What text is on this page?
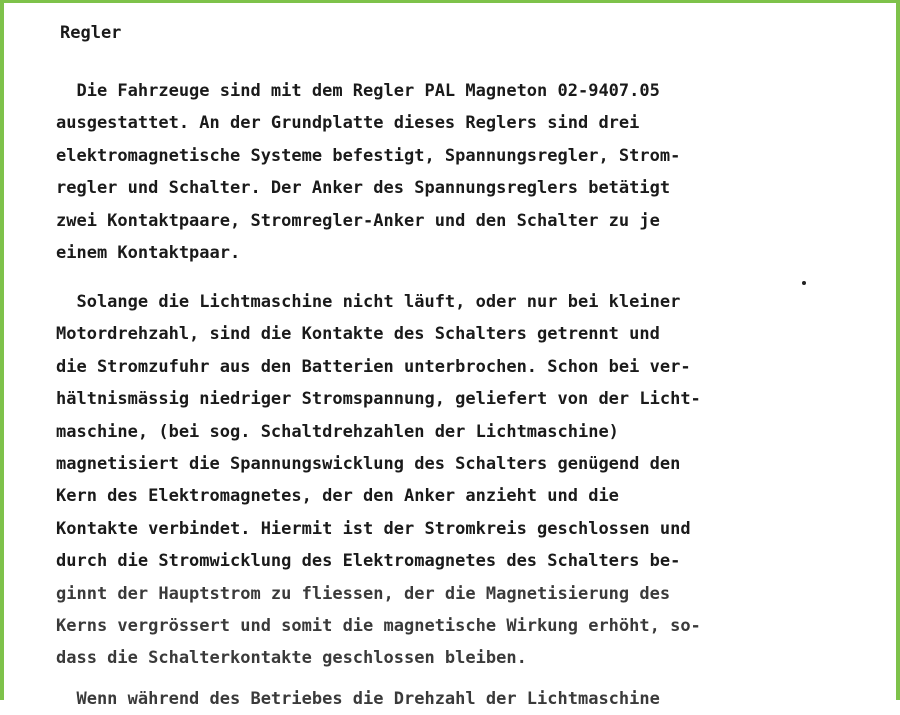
Regler
Die Fahrzeuge sind mit dem Regler PAL Magneton 02-9407.05
ausgestattet. An der Grundplatte dieses Reglers sind drei
elektromagnetische Systeme befestigt, Spannungsregler, Strom-
regler und Schalter. Der Anker des Spannungsreglers betätigt
zwei Kontaktpaare, Stromregler-Anker und den Schalter zu je
einem Kontaktpaar.
Solange die Lichtmaschine nicht läuft, oder nur bei kleiner
Motordrehzahl, sind die Kontakte des Schalters getrennt und
die Stromzufuhr aus den Batterien unterbrochen. Schon bei ver-
hältnismässig niedriger Stromspannung, geliefert von der Licht-
maschine, (bei sog. Schaltdrehzahlen der Lichtmaschine)
magnetisiert die Spannungswicklung des Schalters genügend den
Kern des Elektromagnetes, der den Anker anzieht und die
Kontakte verbindet. Hiermit ist der Stromkreis geschlossen und
durch die Stromwicklung des Elektromagnetes des Schalters be-
ginnt der Hauptstrom zu fliessen, der die Magnetisierung des
Kerns vergrössert und somit die magnetische Wirkung erhöht, so-
dass die Schalterkontakte geschlossen bleiben.
Wenn während des Betriebes die Drehzahl der Lichtmaschine
